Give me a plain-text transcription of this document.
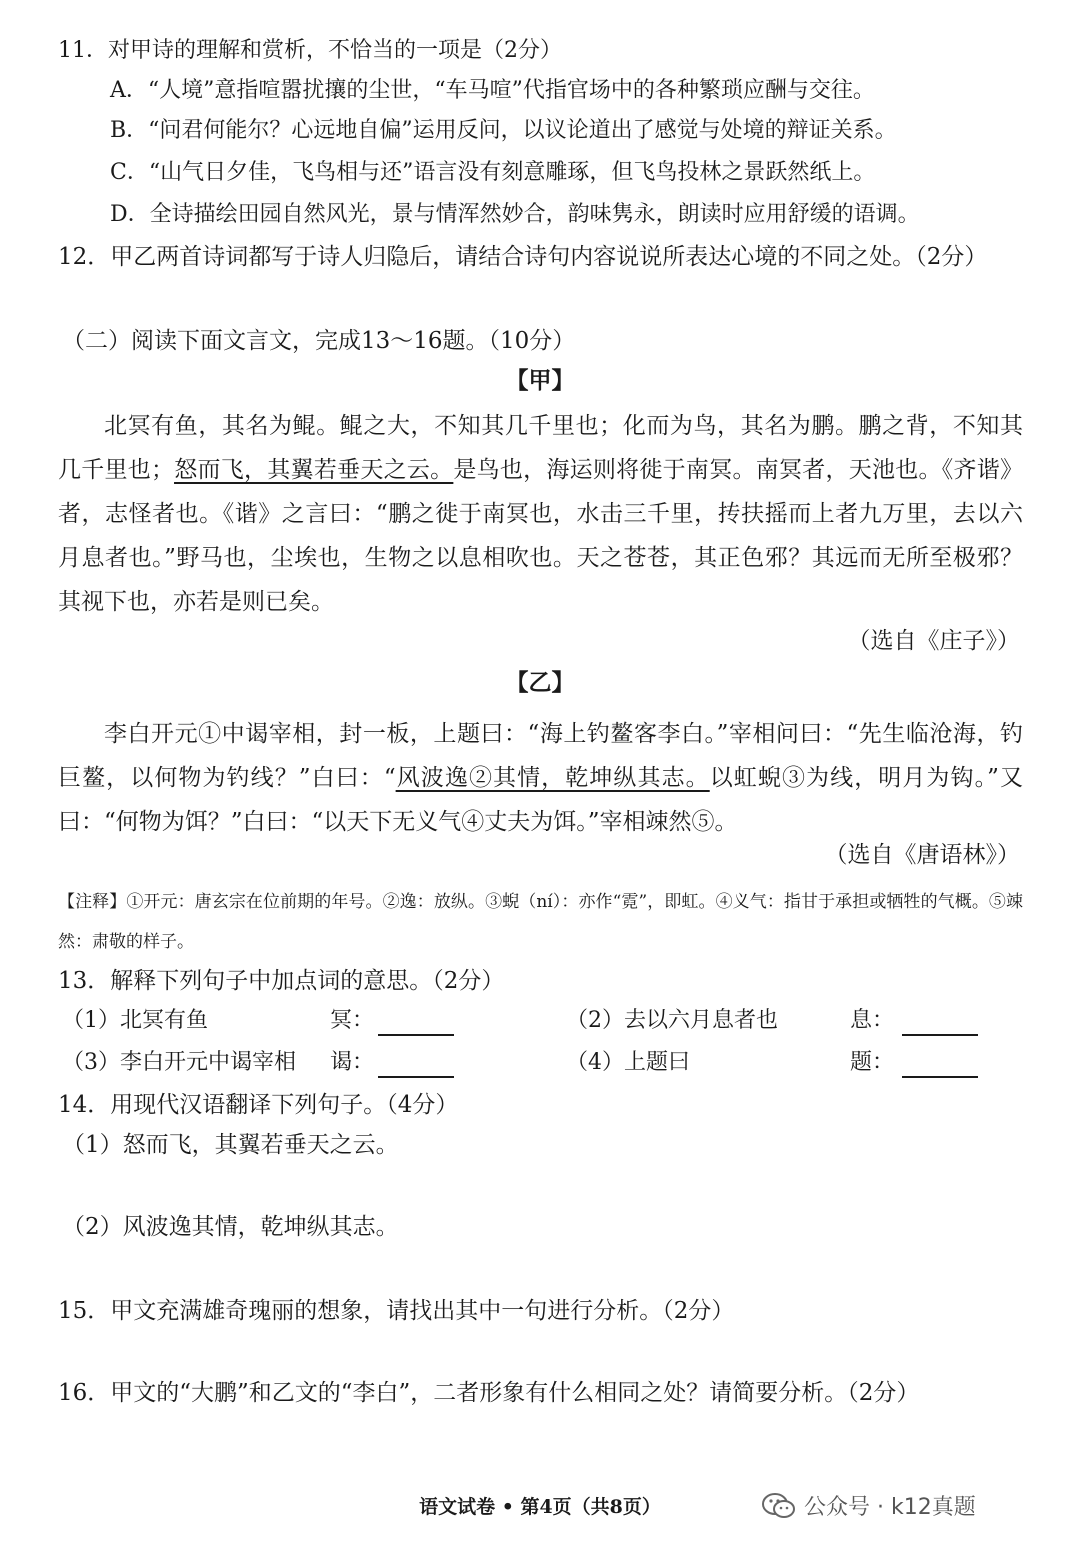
11．对甲诗的理解和赏析，不恰当的一项是（2分）
A．“人境”意指喧嚣扰攘的尘世，“车马喧”代指官场中的各种繁琐应酬与交往。
B．“问君何能尔？心远地自偏”运用反问，以议论道出了感觉与处境的辩证关系。
C．“山气日夕佳，飞鸟相与还”语言没有刻意雕琢，但飞鸟投林之景跃然纸上。
D．全诗描绘田园自然风光，景与情浑然妙合，韵味隽永，朗读时应用舒缓的语调。
12．甲乙两首诗词都写于诗人归隐后，请结合诗句内容说说所表达心境的不同之处。（2分）
（二）阅读下面文言文，完成13～16题。（10分）
【甲】
北冥有鱼，其名为鲲。鲲之大，不知其几千里也；化而为鸟，其名为鹏。鹏之背，不知其几千里也；怒而飞，其翼若垂天之云。是鸟也，海运则将徙于南冥。南冥者，天池也。《齐谐》者，志怪者也。《谐》之言曰：“鹏之徙于南冥也，水击三千里，抟扶摇而上者九万里，去以六月息者也。”野马也，尘埃也，生物之以息相吹也。天之苍苍，其正色邪？其远而无所至极邪？其视下也，亦若是则已矣。
（选自《庄子》）
【乙】
李白开元①中谒宰相，封一板，上题曰：“海上钓鳌客李白。”宰相问曰：“先生临沧海，钓巨鳌，以何物为钓线？”白曰：“风波逸②其情，乾坤纵其志。以虹蜺③为线，明月为钩。”又曰：“何物为饵？”白曰：“以天下无义气④丈夫为饵。”宰相竦然⑤。
（选自《唐语林》）
【注释】①开元：唐玄宗在位前期的年号。②逸：放纵。③蜺（ní）：亦作“霓”，即虹。④义气：指甘于承担或牺牲的气概。⑤竦然：肃敬的样子。
13．解释下列句子中加点词的意思。（2分）
（1）北冥有鱼	冥：	（2）去以六月息者也	息：
（3）李白开元中谒宰相 谒：	（4）上题曰	题：
14．用现代汉语翻译下列句子。（4分）
（1）怒而飞，其翼若垂天之云。
（2）风波逸其情，乾坤纵其志。
15．甲文充满雄奇瑰丽的想象，请找出其中一句进行分析。（2分）
16．甲文的“大鹏”和乙文的“李白”，二者形象有什么相同之处？请简要分析。（2分）
语文试卷 • 第4页（共8页）	公众号 · k12真题
